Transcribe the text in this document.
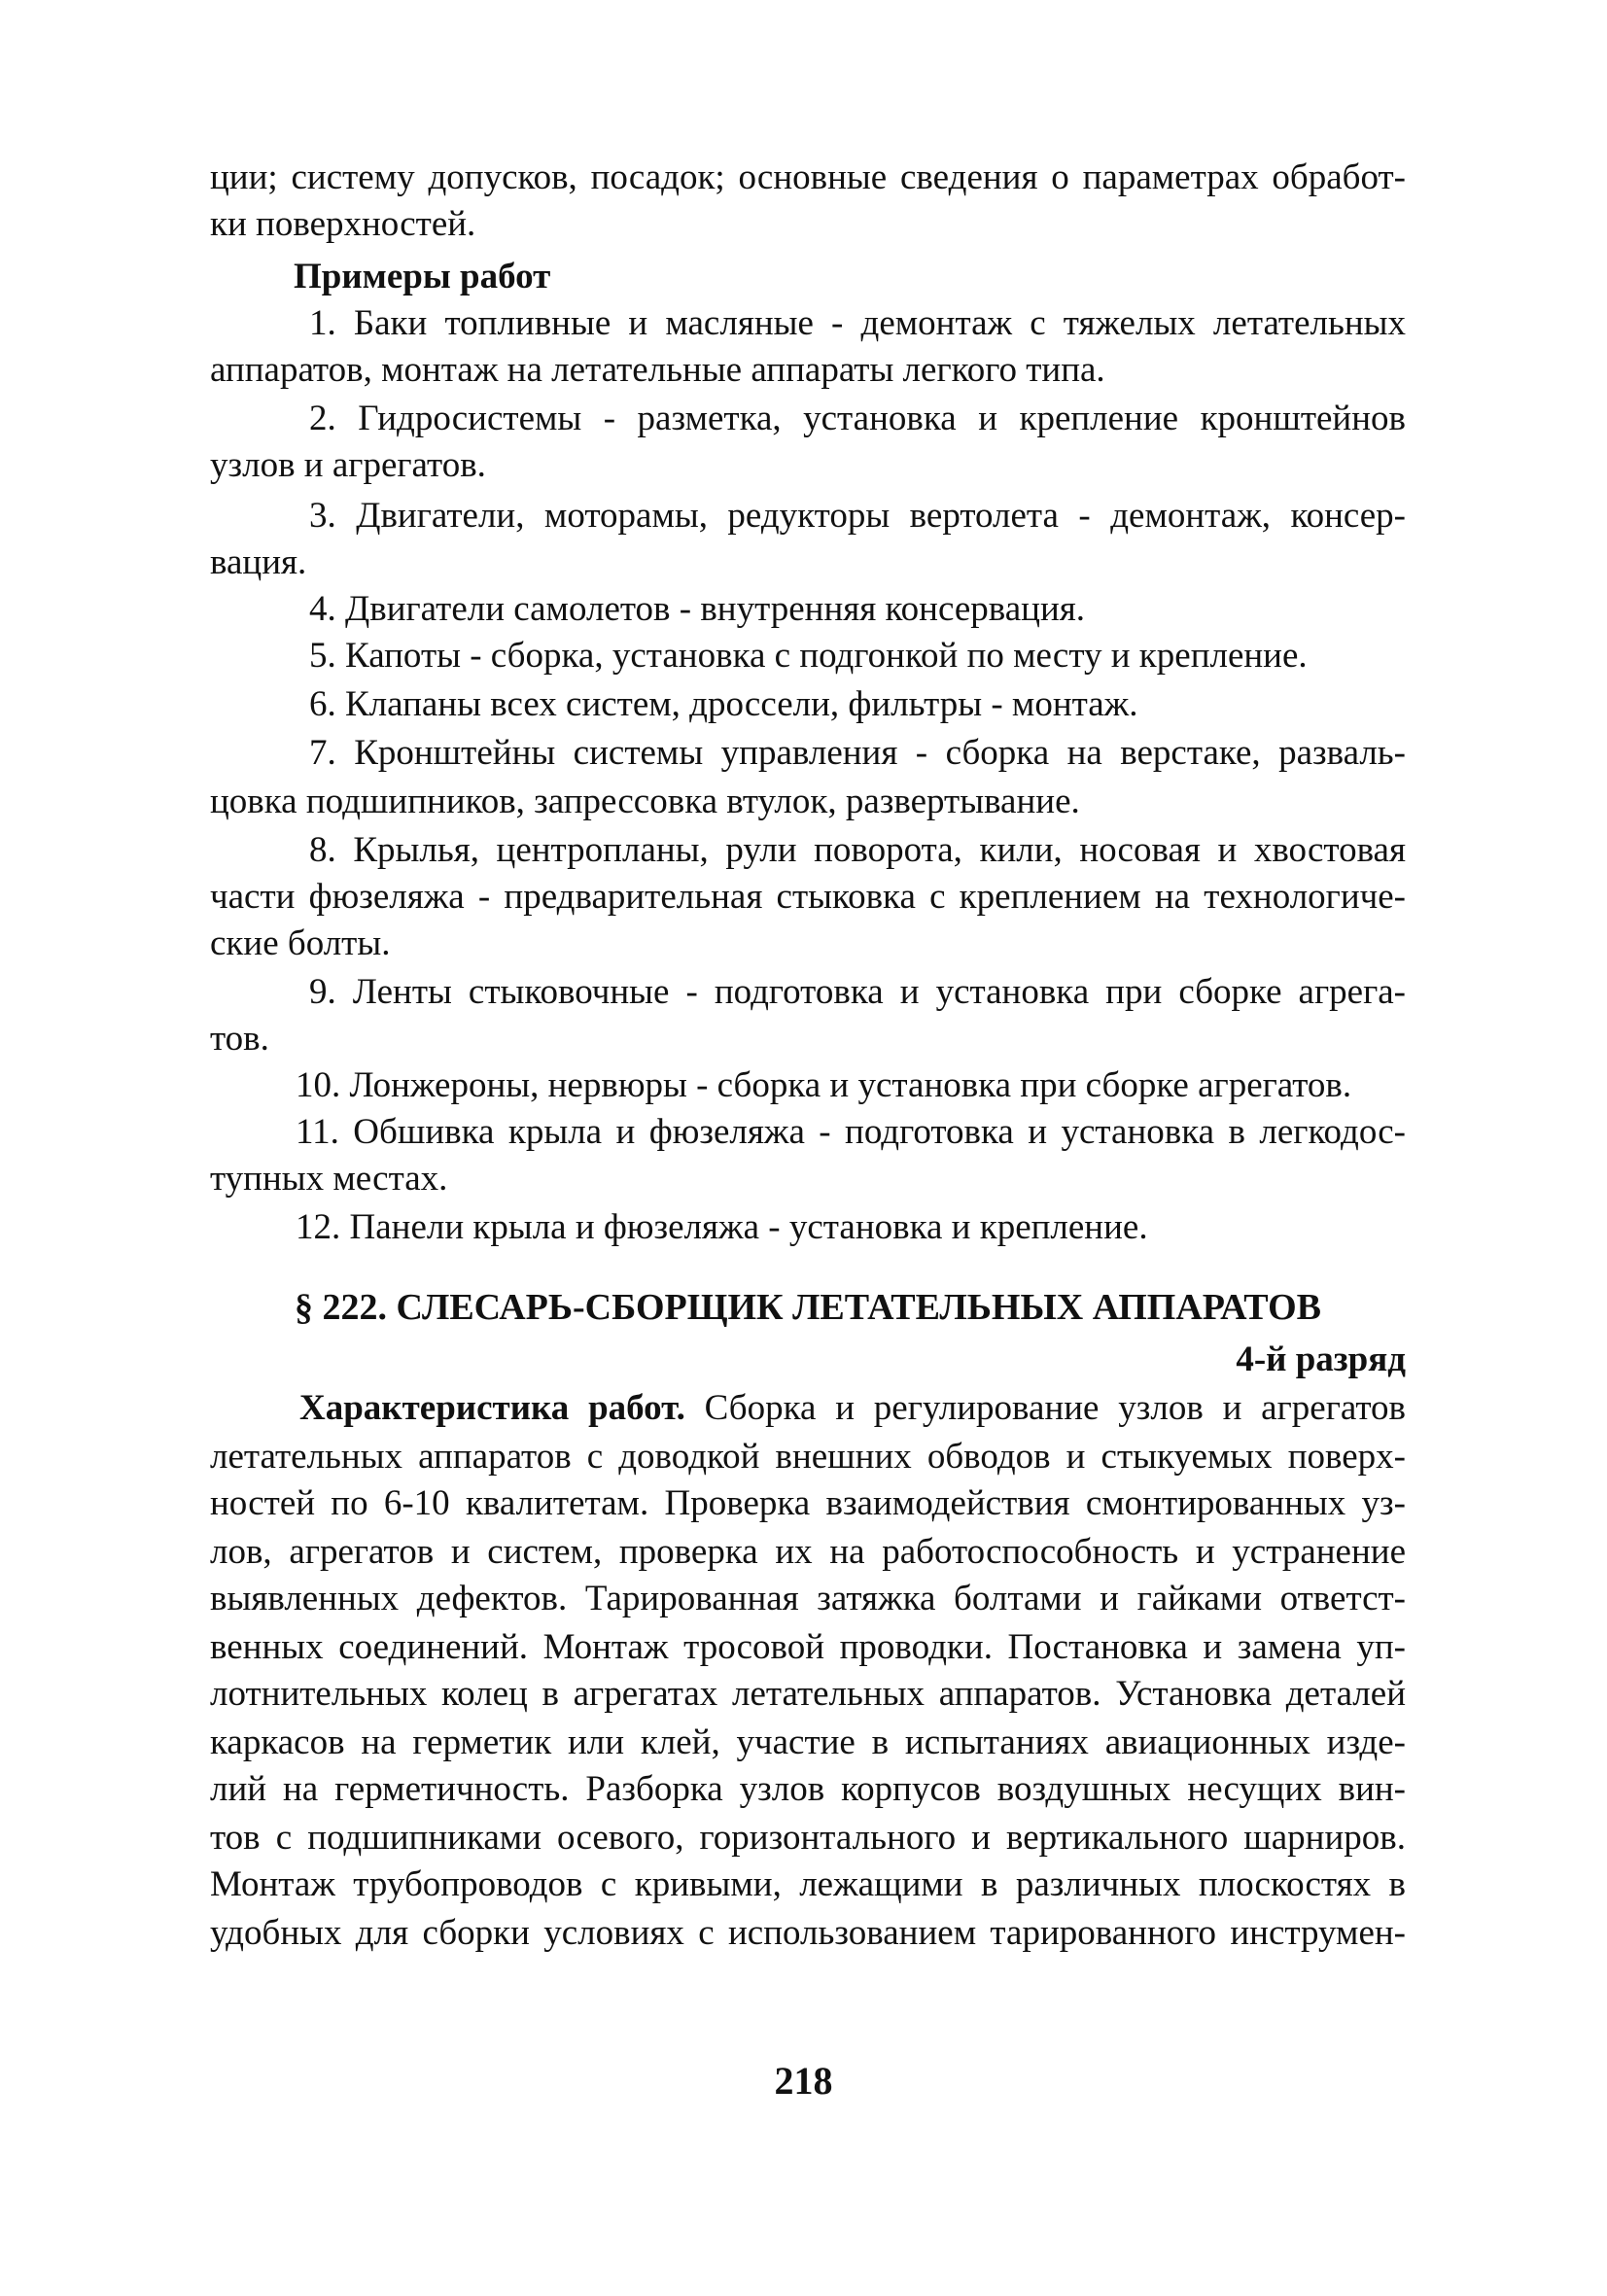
ции; систему допусков, посадок; основные сведения о параметрах обработ-
ки поверхностей.
Примеры работ
1. Баки топливные и масляные - демонтаж с тяжелых летательных
аппаратов, монтаж на летательные аппараты легкого типа.
2. Гидросистемы - разметка, установка и крепление кронштейнов
узлов и агрегатов.
3. Двигатели, моторамы, редукторы вертолета - демонтаж, консер-
вация.
4. Двигатели самолетов - внутренняя консервация.
5. Капоты - сборка, установка с подгонкой по месту и крепление.
6. Клапаны всех систем, дроссели, фильтры - монтаж.
7. Кронштейны системы управления - сборка на верстаке, разваль-
цовка подшипников, запрессовка втулок, развертывание.
8. Крылья, центропланы, рули поворота, кили, носовая и хвостовая
части фюзеляжа - предварительная стыковка с креплением на технологиче-
ские болты.
9. Ленты стыковочные - подготовка и установка при сборке агрега-
тов.
10. Лонжероны, нервюры - сборка и установка при сборке агрегатов.
11. Обшивка крыла и фюзеляжа - подготовка и установка в легкодос-
тупных местах.
12. Панели крыла и фюзеляжа - установка и крепление.
§ 222. СЛЕСАРЬ-СБОРЩИК ЛЕТАТЕЛЬНЫХ АППАРАТОВ
4-й разряд
Характеристика работ. Сборка и регулирование узлов и агрегатов
летательных аппаратов с доводкой внешних обводов и стыкуемых поверх-
ностей по 6-10 квалитетам. Проверка взаимодействия смонтированных уз-
лов, агрегатов и систем, проверка их на работоспособность и устранение
выявленных дефектов. Тарированная затяжка болтами и гайками ответст-
венных соединений. Монтаж тросовой проводки. Постановка и замена уп-
лотнительных колец в агрегатах летательных аппаратов. Установка деталей
каркасов на герметик или клей, участие в испытаниях авиационных изде-
лий на герметичность. Разборка узлов корпусов воздушных несущих вин-
тов с подшипниками осевого, горизонтального и вертикального шарниров.
Монтаж трубопроводов с кривыми, лежащими в различных плоскостях в
удобных для сборки условиях с использованием тарированного инструмен-
218
